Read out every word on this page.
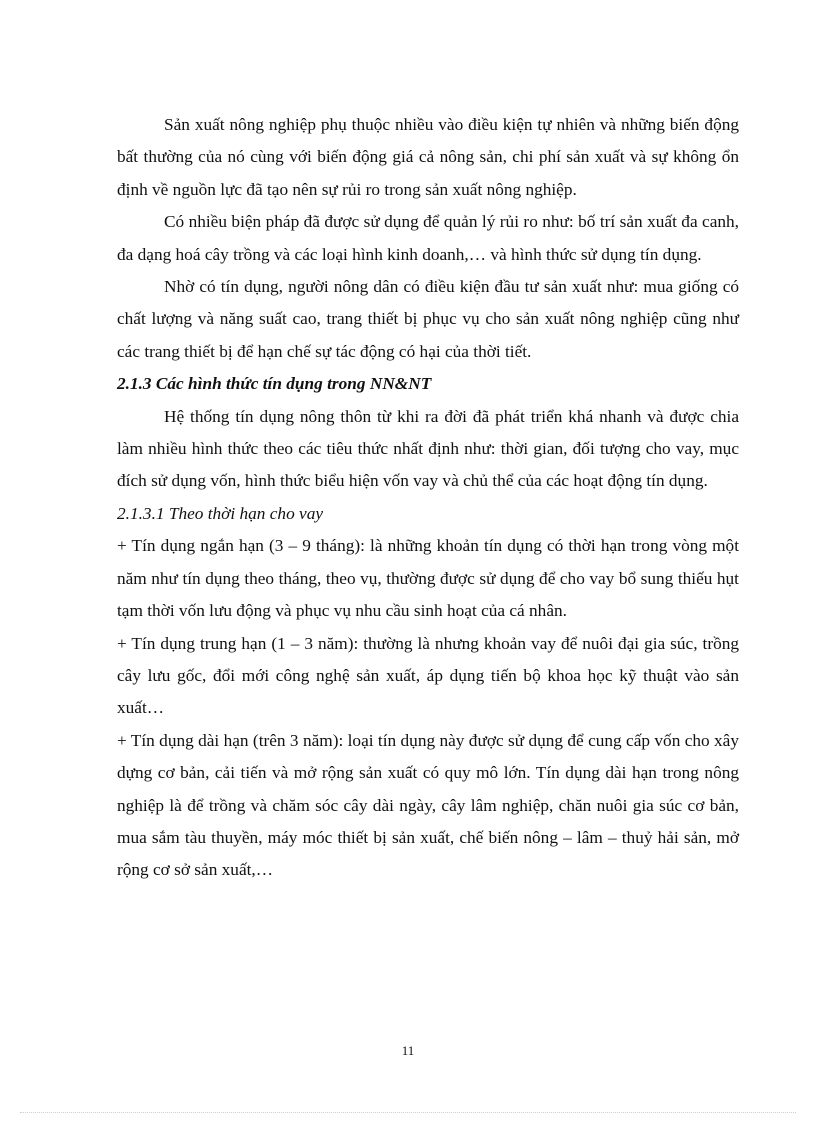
Sản xuất nông nghiệp phụ thuộc nhiều vào điều kiện tự nhiên và những biến động bất thường của nó cùng với biến động giá cả nông sản, chi phí sản xuất và sự không ổn định về nguồn lực đã tạo nên sự rủi ro trong sản xuất nông nghiệp.

Có nhiều biện pháp đã được sử dụng để quản lý rủi ro như: bố trí sản xuất đa canh, đa dạng hoá cây trồng và các loại hình kinh doanh,… và hình thức sử dụng tín dụng.

Nhờ có tín dụng, người nông dân có điều kiện đầu tư sản xuất như: mua giống có chất lượng và năng suất cao, trang thiết bị phục vụ cho sản xuất nông nghiệp cũng như các trang thiết bị để hạn chế sự tác động có hại của thời tiết.

2.1.3 Các hình thức tín dụng trong NN&NT

Hệ thống tín dụng nông thôn từ khi ra đời đã phát triển khá nhanh và được chia làm nhiều hình thức theo các tiêu thức nhất định như: thời gian, đối tượng cho vay, mục đích sử dụng vốn, hình thức biểu hiện vốn vay và chủ thể của các hoạt động tín dụng.

2.1.3.1 Theo thời hạn cho vay

+ Tín dụng ngắn hạn (3 – 9 tháng): là những khoản tín dụng có thời hạn trong vòng một năm như tín dụng theo tháng, theo vụ, thường được sử dụng để cho vay bổ sung thiếu hụt tạm thời vốn lưu động và phục vụ nhu cầu sinh hoạt của cá nhân.

+ Tín dụng trung hạn (1 – 3 năm): thường là nhưng khoản vay để nuôi đại gia súc, trồng cây lưu gốc, đổi mới công nghệ sản xuất, áp dụng tiến bộ khoa học kỹ thuật vào sản xuất…

+ Tín dụng dài hạn (trên 3 năm): loại tín dụng này được sử dụng để cung cấp vốn cho xây dựng cơ bản, cải tiến và mở rộng sản xuất có quy mô lớn. Tín dụng dài hạn trong nông nghiệp là để trồng và chăm sóc cây dài ngày, cây lâm nghiệp, chăn nuôi gia súc cơ bản, mua sắm tàu thuyền, máy móc thiết bị sản xuất, chế biến nông – lâm – thuỷ hải sản, mở rộng cơ sở sản xuất,…

11
